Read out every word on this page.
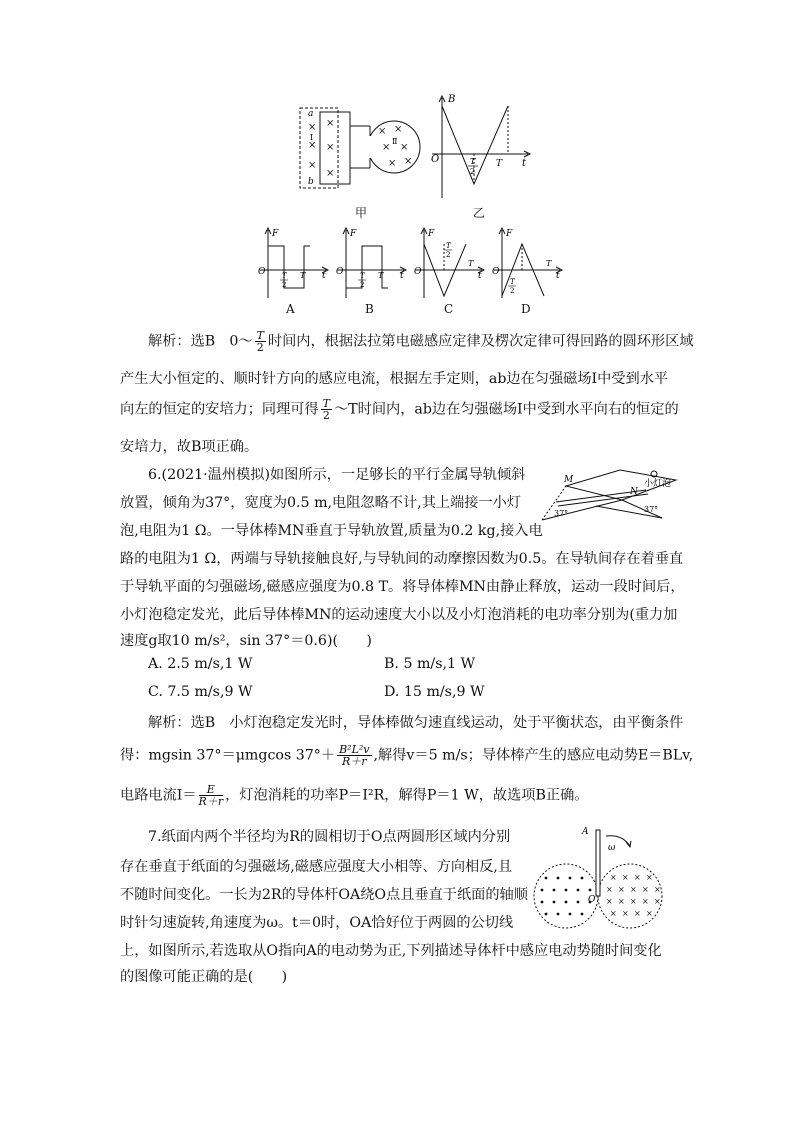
×
×
×
×
×
×
× ×
× ×
× ×
a
Ⅰ	Ⅱ
b
甲
B
O	T
2
T t
乙
F
O T
2
T t
F
O T
2
T t
F
O
T
2
T
t
F
O
T
2
T
t
A	B	C	D
解析：选B　0～ $\frac{T}{2}$ 时间内，根据法拉第电磁感应定律及楞次定律可得回路的圆环形区域
产生大小恒定的、顺时针方向的感应电流，根据左手定则，ab边在匀强磁场Ⅰ中受到水平
向左的恒定的安培力；同理可得 $\frac{T}{2}$ ～T时间内，ab边在匀强磁场Ⅰ中受到水平向右的恒定的
安培力，故B项正确。
6.(2021·温州模拟)如图所示，一足够长的平行金属导轨倾斜
放置，倾角为37°，宽度为0.5 m,电阻忽略不计,其上端接一小灯
泡,电阻为1 Ω。一导体棒MN垂直于导轨放置,质量为0.2 kg,接入电
路的电阻为1 Ω，两端与导轨接触良好,与导轨间的动摩擦因数为0.5。在导轨间存在着垂直
于导轨平面的匀强磁场,磁感应强度为0.8 T。将导体棒MN由静止释放，运动一段时间后，
小灯泡稳定发光，此后导体棒MN的运动速度大小以及小灯泡消耗的电功率分别为(重力加
速度g取10 m/s²，sin 37°＝0.6)(　　)
A. 2.5 m/s,1 W	B. 5 m/s,1 W
C. 7.5 m/s,9 W	D. 15 m/s,9 W
M
N
小灯泡
37°	37°
解析：选B　小灯泡稳定发光时，导体棒做匀速直线运动，处于平衡状态，由平衡条件
得：mgsin 37°＝μmgcos $37^\circ+ \frac{\text{B²L²v}}{R+r}$ ,解得v＝5 m/s；导体棒产生的感应电动势E＝BLv,
电路电流$I= \frac{E}{R+r}$ ，灯泡消耗的功率P＝I²R，解得P＝1 W，故选项B正确。
7.纸面内两个半径均为R的圆相切于O点两圆形区域内分别
存在垂直于纸面的匀强磁场,磁感应强度大小相等、方向相反,且
不随时间变化。一长为2R的导体杆OA绕O点且垂直于纸面的轴顺
时针匀速旋转,角速度为ω。t＝0时，OA恰好位于两圆的公切线
上，如图所示,若选取从O指向A的电动势为正,下列描述导体杆中感应电动势随时间变化
的图像可能正确的是(　　)
× × × ×
× × × × ×
× × × × ×
× × × ×
A
O
ω
